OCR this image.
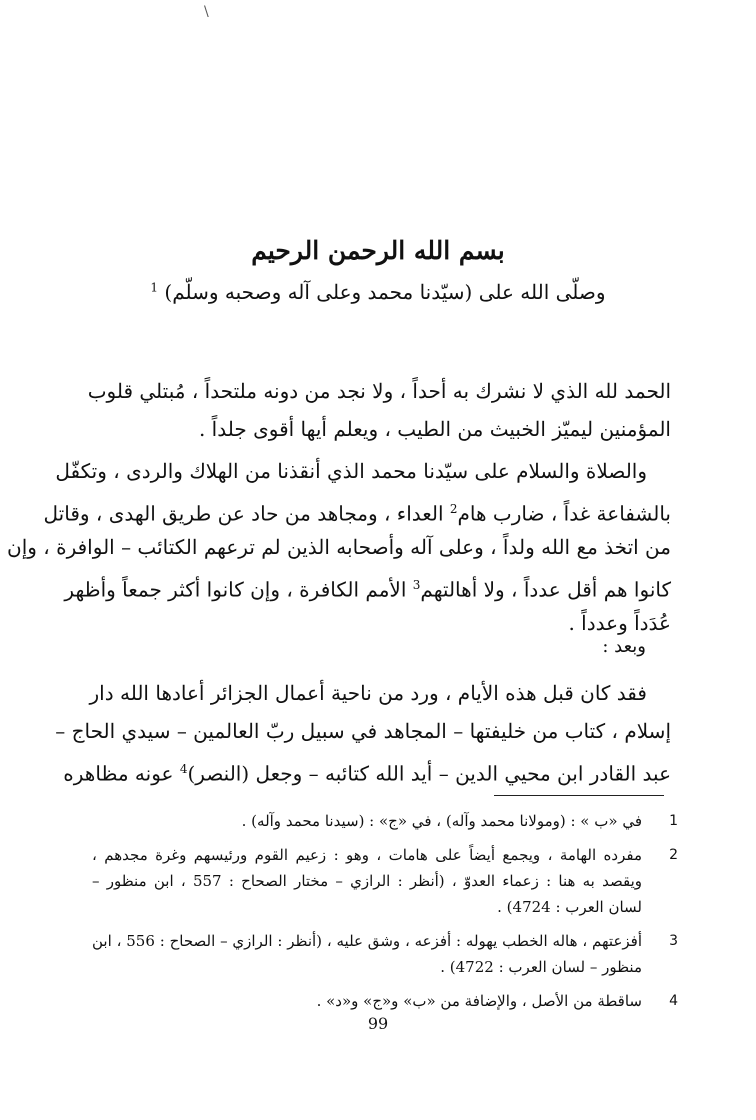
\
بسم الله الرحمن الرحيم
وصلّى الله على (سيّدنا محمد وعلى آله وصحبه وسلّم) $^1$
الحمد لله الذي لا نشرك به أحداً ، ولا نجد من دونه ملتحداً ، مُبتلي قلوب
المؤمنين ليميّز الخبيث من الطيب ، ويعلم أيها أقوى جلداً .
والصلاة والسلام على سيّدنا محمد الذي أنقذنا من الهلاك والردى ، وتكفّل
بالشفاعة غداً ، ضارب هام$^2$ العداء ، ومجاهد من حاد عن طريق الهدى ، وقاتل
من اتخذ مع الله ولداً ، وعلى آله وأصحابه الذين لم ترعهم الكتائب – الوافرة ، وإن
كانوا هم أقل عدداً ، ولا أهالتهم$^3$ الأمم الكافرة ، وإن كانوا أكثر جمعاً وأظهر
عُدَداً وعدداً .
وبعد :
فقد كان قبل هذه الأيام ، ورد من ناحية أعمال الجزائر أعادها الله دار
إسلام ، كتاب من خليفتها – المجاهد في سبيل ربّ العالمين – سيدي الحاج –
عبد القادر ابن محيي الدين – أيد الله كتائبه – وجعل (النصر)$^4$ عونه مظاهره
1
في «ب » : (ومولانا محمد وآله) ، في «ج» : (سيدنا محمد وآله) .
2
مفرده الهامة ، ويجمع أيضاً على هامات ، وهو : زعيم القوم ورئيسهم وغرة مجدهم ،
ويقصد به هنا : زعماء العدوّ ، (أنظر : الرازي – مختار الصحاح : 557 ، ابن منظور –
لسان العرب : 4724) .
3
أفزعتهم ، هاله الخطب يهوله : أفزعه ، وشق عليه ، (أنظر : الرازي – الصحاح : 556 ، ابن
منظور – لسان العرب : 4722) .
4
ساقطة من الأصل ، والإضافة من «ب» و«ج» و«د» .
99
